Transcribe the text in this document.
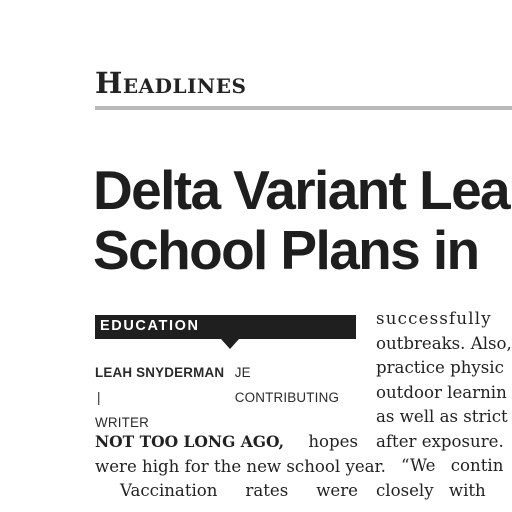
Headlines
Delta Variant Lea
School Plans in
EDUCATION
LEAH SNYDERMAN |
JE CONTRIBUTING
WRITER
NOT TOO LONG AGO, hopes
were high for the new school year.
Vaccination rates were
successfully
outbreaks. Also,
practice physic
outdoor learnin
as well as strict
after exposure.
“We contin
closely with
